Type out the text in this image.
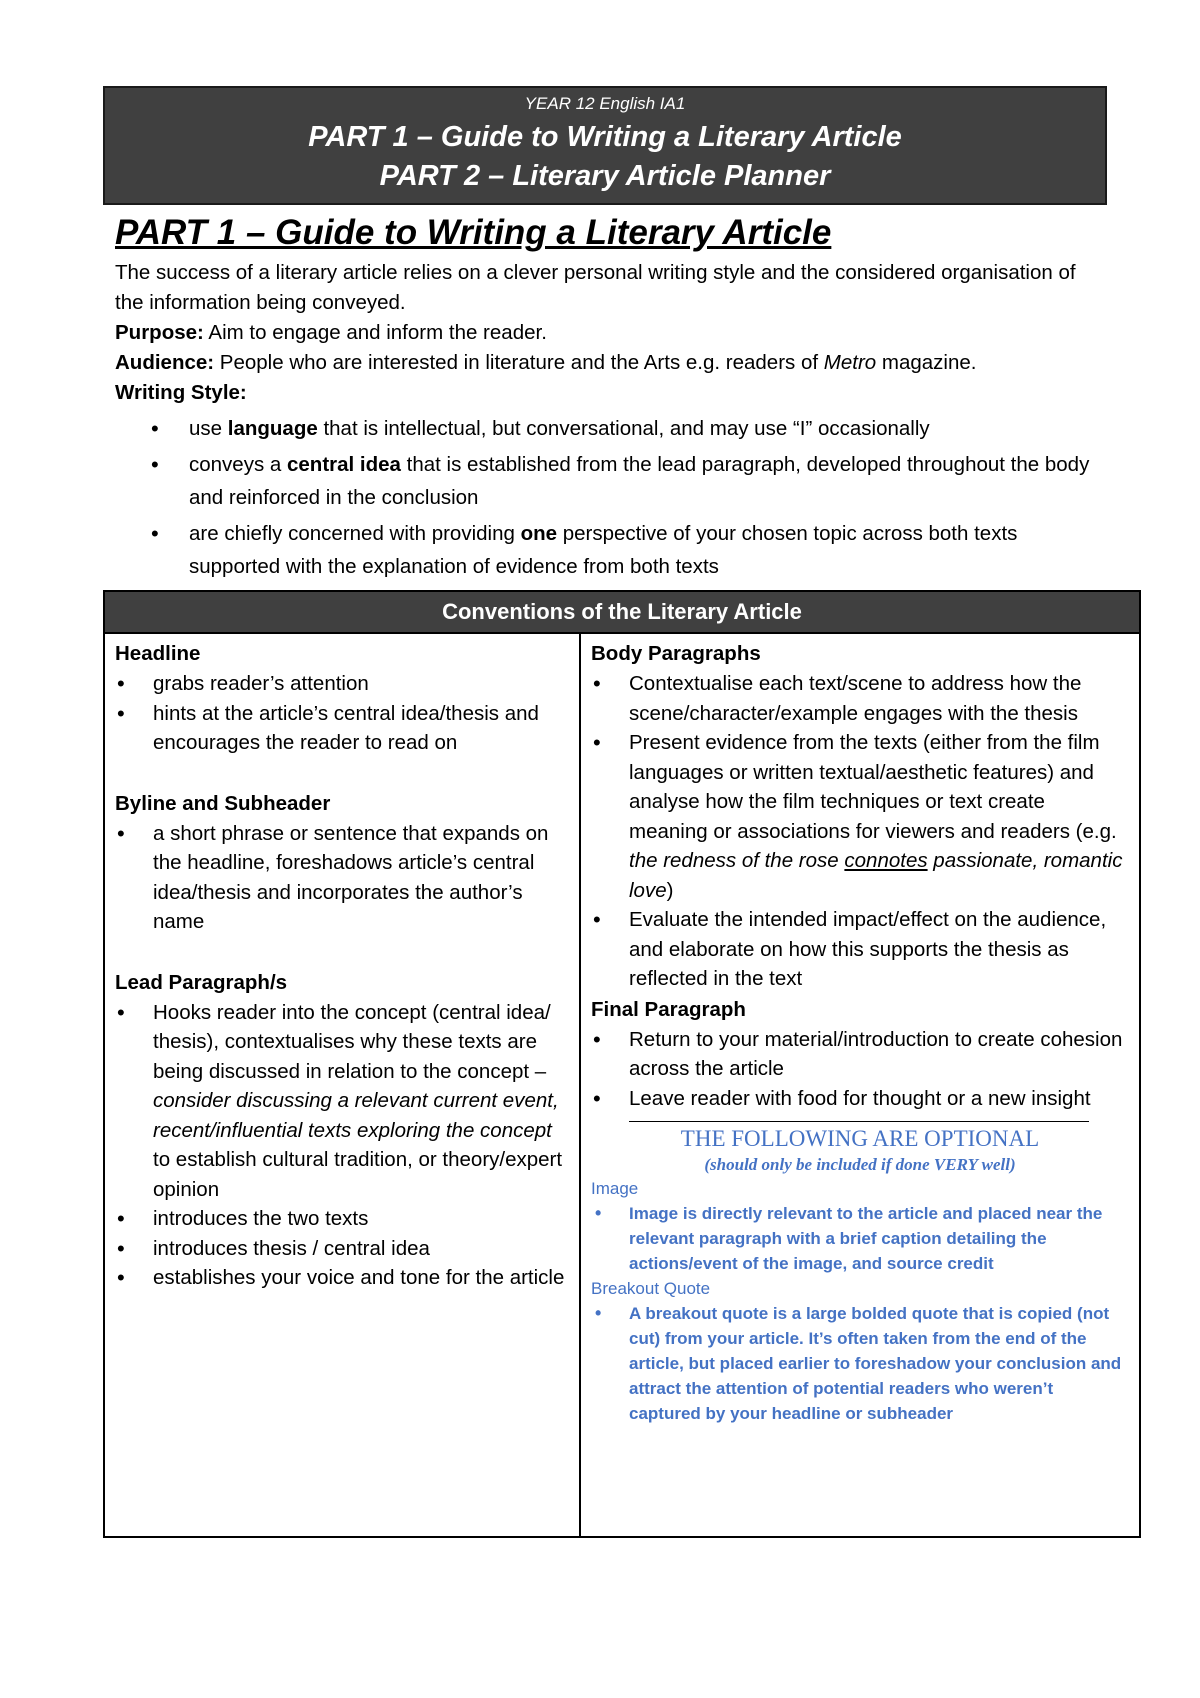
YEAR 12 English IA1
PART 1 – Guide to Writing a Literary Article
PART 2 – Literary Article Planner
PART 1 – Guide to Writing a Literary Article

The success of a literary article relies on a clever personal writing style and the considered organisation of the information being conveyed.

Purpose: Aim to engage and inform the reader.

Audience: People who are interested in literature and the Arts e.g. readers of Metro magazine.

Writing Style:

• use language that is intellectual, but conversational, and may use “I” occasionally
• conveys a central idea that is established from the lead paragraph, developed throughout the body and reinforced in the conclusion
• are chiefly concerned with providing one perspective of your chosen topic across both texts supported with the explanation of evidence from both texts
Conventions of the Literary Article
Headline
• grabs reader’s attention
• hints at the article’s central idea/thesis and encourages the reader to read on
Byline and Subheader
• a short phrase or sentence that expands on the headline, foreshadows article’s central idea/thesis and incorporates the author’s name
Lead Paragraph/s
• Hooks reader into the concept (central idea/ thesis), contextualises why these texts are being discussed in relation to the concept – consider discussing a relevant current event, recent/influential texts exploring the concept to establish cultural tradition, or theory/expert opinion
• introduces the two texts
• introduces thesis / central idea
• establishes your voice and tone for the article
Body Paragraphs
• Contextualise each text/scene to address how the scene/character/example engages with the thesis
• Present evidence from the texts (either from the film languages or written textual/aesthetic features) and analyse how the film techniques or text create meaning or associations for viewers and readers (e.g. the redness of the rose connotes passionate, romantic love)
• Evaluate the intended impact/effect on the audience, and elaborate on how this supports the thesis as reflected in the text
Final Paragraph
• Return to your material/introduction to create cohesion across the article
• Leave reader with food for thought or a new insight
THE FOLLOWING ARE OPTIONAL
(should only be included if done VERY well)
Image
• Image is directly relevant to the article and placed near the relevant paragraph with a brief caption detailing the actions/event of the image, and source credit
Breakout Quote
• A breakout quote is a large bolded quote that is copied (not cut) from your article. It’s often taken from the end of the article, but placed earlier to foreshadow your conclusion and attract the attention of potential readers who weren’t captured by your headline or subheader
